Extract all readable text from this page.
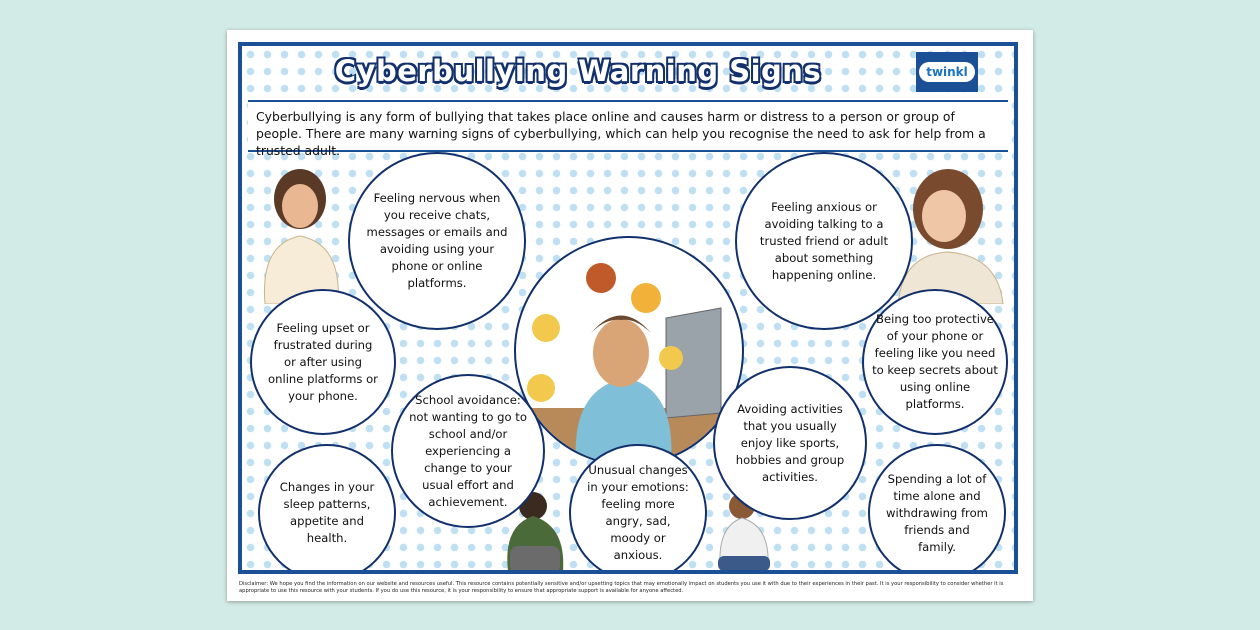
Cyberbullying Warning Signs	twinkl
Cyberbullying is any form of bullying that takes place online and causes harm or distress to a person or group of people. There are many warning signs of cyberbullying, which can help you recognise the need to ask for help from a trusted adult.
Feeling nervous when you receive chats, messages or emails and avoiding using your phone or online platforms.
Feeling anxious or avoiding talking to a trusted friend or adult about something happening online.
Feeling upset or frustrated during or after using online platforms or your phone.
Being too protective of your phone or feeling like you need to keep secrets about using online platforms.
School avoidance: not wanting to go to school and/or experiencing a change to your usual effort and achievement.
Avoiding activities that you usually enjoy like sports, hobbies and group activities.
Changes in your sleep patterns, appetite and health.
Unusual changes in your emotions: feeling more angry, sad, moody or anxious.
Spending a lot of time alone and withdrawing from friends and family.
Disclaimer: We hope you find the information on our website and resources useful. This resource contains potentially sensitive and/or upsetting topics that may emotionally impact on students you use it with due to their experiences in their past. It is your responsibility to consider whether it is appropriate to use this resource with your students. If you do use this resource, it is your responsibility to ensure that appropriate support is available for anyone affected.
